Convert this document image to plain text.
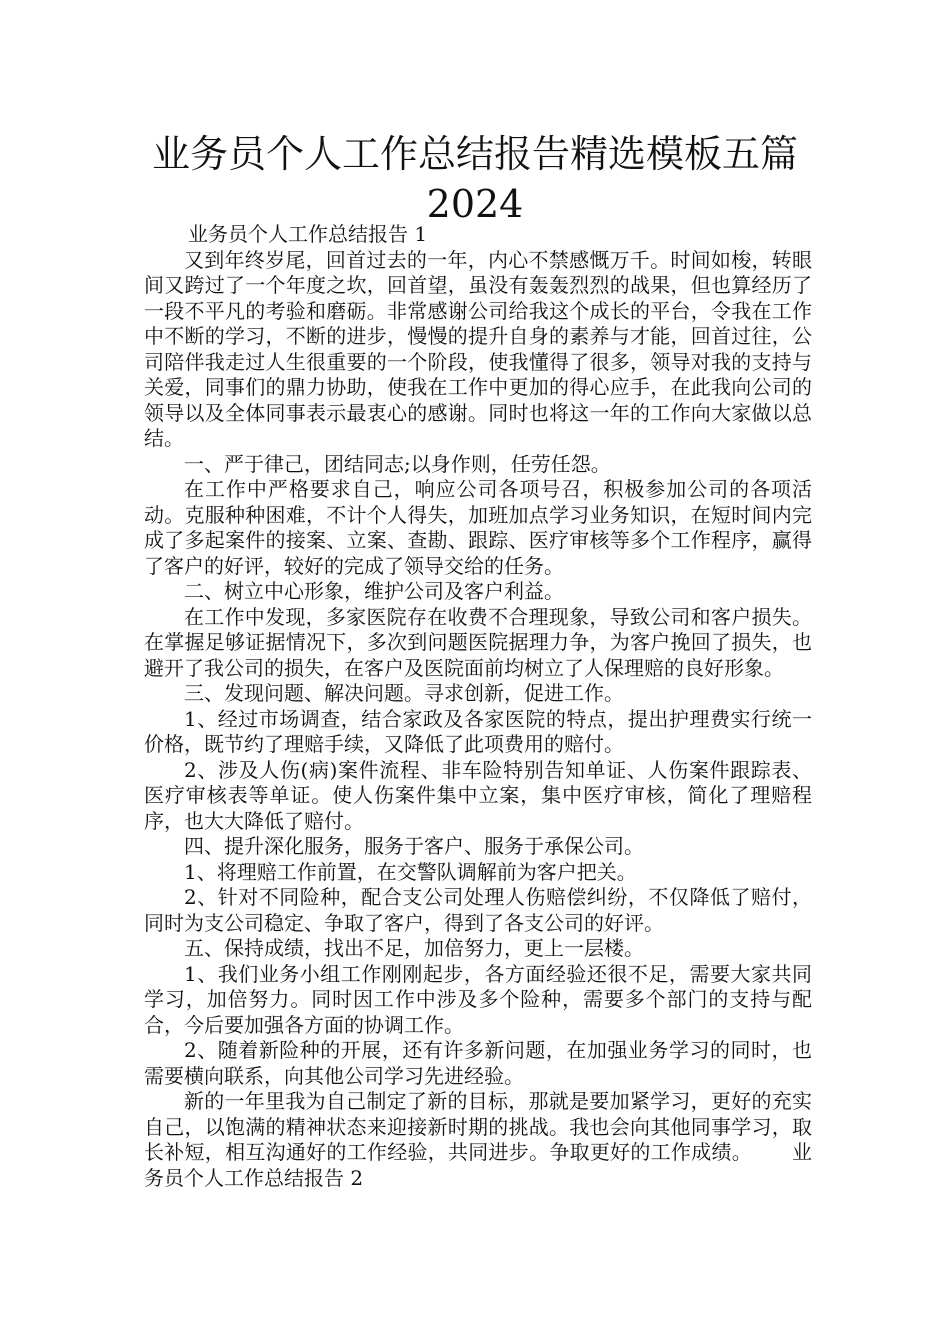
业务员个人工作总结报告精选模板五篇
2024

业务员个人工作总结报告 1

又到年终岁尾，回首过去的一年，内心不禁感慨万千。时间如梭，转眼间又跨过了一个年度之坎，回首望，虽没有轰轰烈烈的战果，但也算经历了一段不平凡的考验和磨砺。非常感谢公司给我这个成长的平台，令我在工作中不断的学习，不断的进步，慢慢的提升自身的素养与才能，回首过往，公司陪伴我走过人生很重要的一个阶段，使我懂得了很多，领导对我的支持与关爱，同事们的鼎力协助，使我在工作中更加的得心应手，在此我向公司的领导以及全体同事表示最衷心的感谢。同时也将这一年的工作向大家做以总结。

一、严于律己，团结同志;以身作则，任劳任怨。

在工作中严格要求自己，响应公司各项号召，积极参加公司的各项活动。克服种种困难，不计个人得失，加班加点学习业务知识，在短时间内完成了多起案件的接案、立案、查勘、跟踪、医疗审核等多个工作程序，赢得了客户的好评，较好的完成了领导交给的任务。

二、树立中心形象，维护公司及客户利益。

在工作中发现，多家医院存在收费不合理现象，导致公司和客户损失。在掌握足够证据情况下，多次到问题医院据理力争，为客户挽回了损失，也避开了我公司的损失，在客户及医院面前均树立了人保理赔的良好形象。

三、发现问题、解决问题。寻求创新，促进工作。

1、经过市场调查，结合家政及各家医院的特点，提出护理费实行统一价格，既节约了理赔手续，又降低了此项费用的赔付。

2、涉及人伤(病)案件流程、非车险特别告知单证、人伤案件跟踪表、医疗审核表等单证。使人伤案件集中立案，集中医疗审核，简化了理赔程序，也大大降低了赔付。

四、提升深化服务，服务于客户、服务于承保公司。

1、将理赔工作前置，在交警队调解前为客户把关。

2、针对不同险种，配合支公司处理人伤赔偿纠纷，不仅降低了赔付，同时为支公司稳定、争取了客户，得到了各支公司的好评。

五、保持成绩，找出不足，加倍努力，更上一层楼。

1、我们业务小组工作刚刚起步，各方面经验还很不足，需要大家共同学习，加倍努力。同时因工作中涉及多个险种，需要多个部门的支持与配合，今后要加强各方面的协调工作。

2、随着新险种的开展，还有许多新问题，在加强业务学习的同时，也需要横向联系，向其他公司学习先进经验。

新的一年里我为自己制定了新的目标，那就是要加紧学习，更好的充实自己，以饱满的精神状态来迎接新时期的挑战。我也会向其他同事学习，取长补短，相互沟通好的工作经验，共同进步。争取更好的工作成绩。 业务员个人工作总结报告 2
